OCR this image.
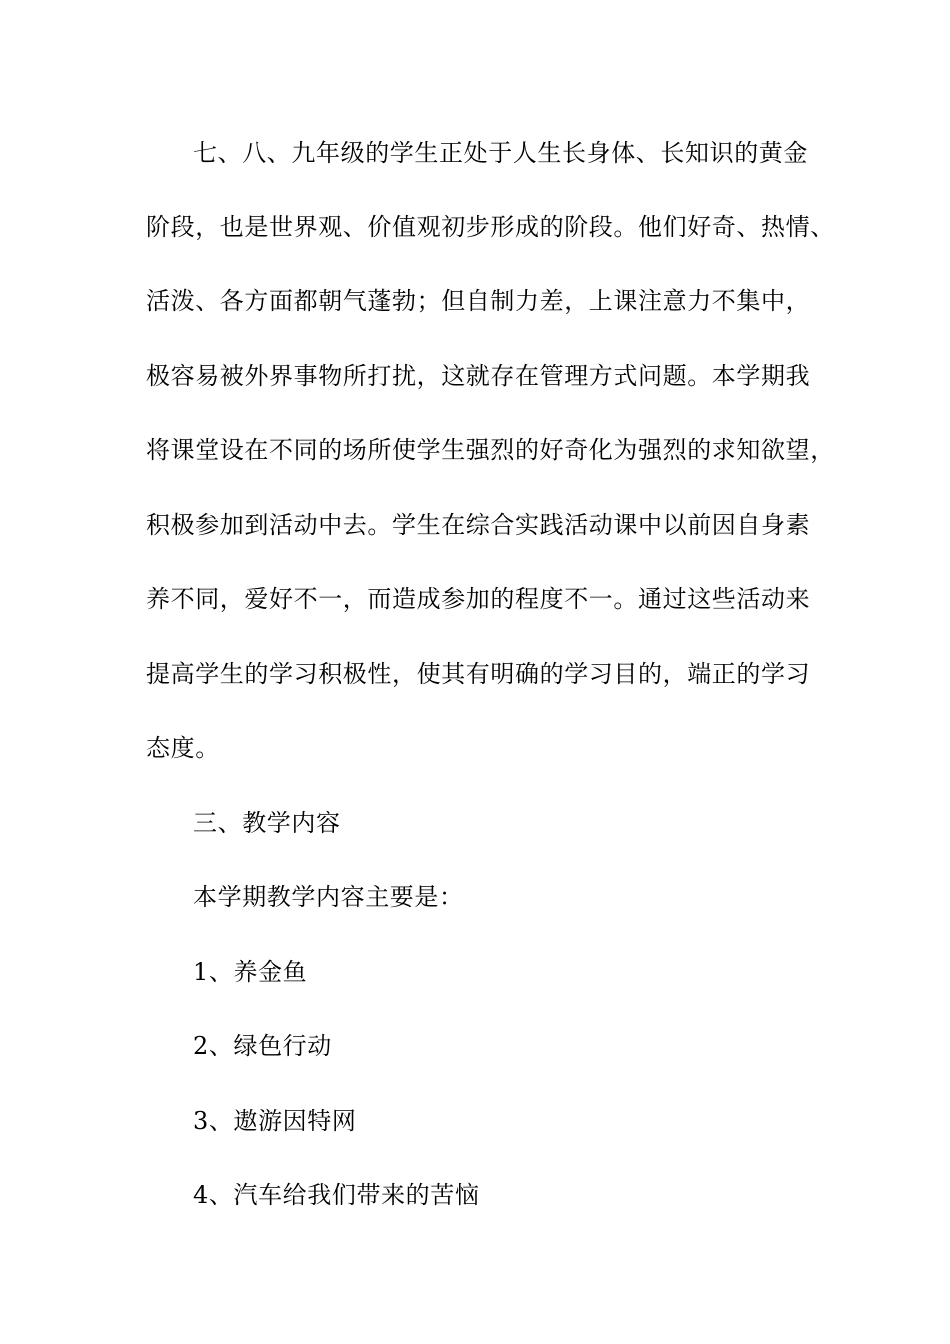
七、八、九年级的学生正处于人生长身体、长知识的黄金
阶段，也是世界观、价值观初步形成的阶段。他们好奇、热情、
活泼、各方面都朝气蓬勃；但自制力差，上课注意力不集中，
极容易被外界事物所打扰，这就存在管理方式问题。本学期我
将课堂设在不同的场所使学生强烈的好奇化为强烈的求知欲望，
积极参加到活动中去。学生在综合实践活动课中以前因自身素
养不同，爱好不一，而造成参加的程度不一。通过这些活动来
提高学生的学习积极性，使其有明确的学习目的，端正的学习
态度。
三、教学内容
本学期教学内容主要是：
1、养金鱼
2、绿色行动
3、遨游因特网
4、汽车给我们带来的苦恼
